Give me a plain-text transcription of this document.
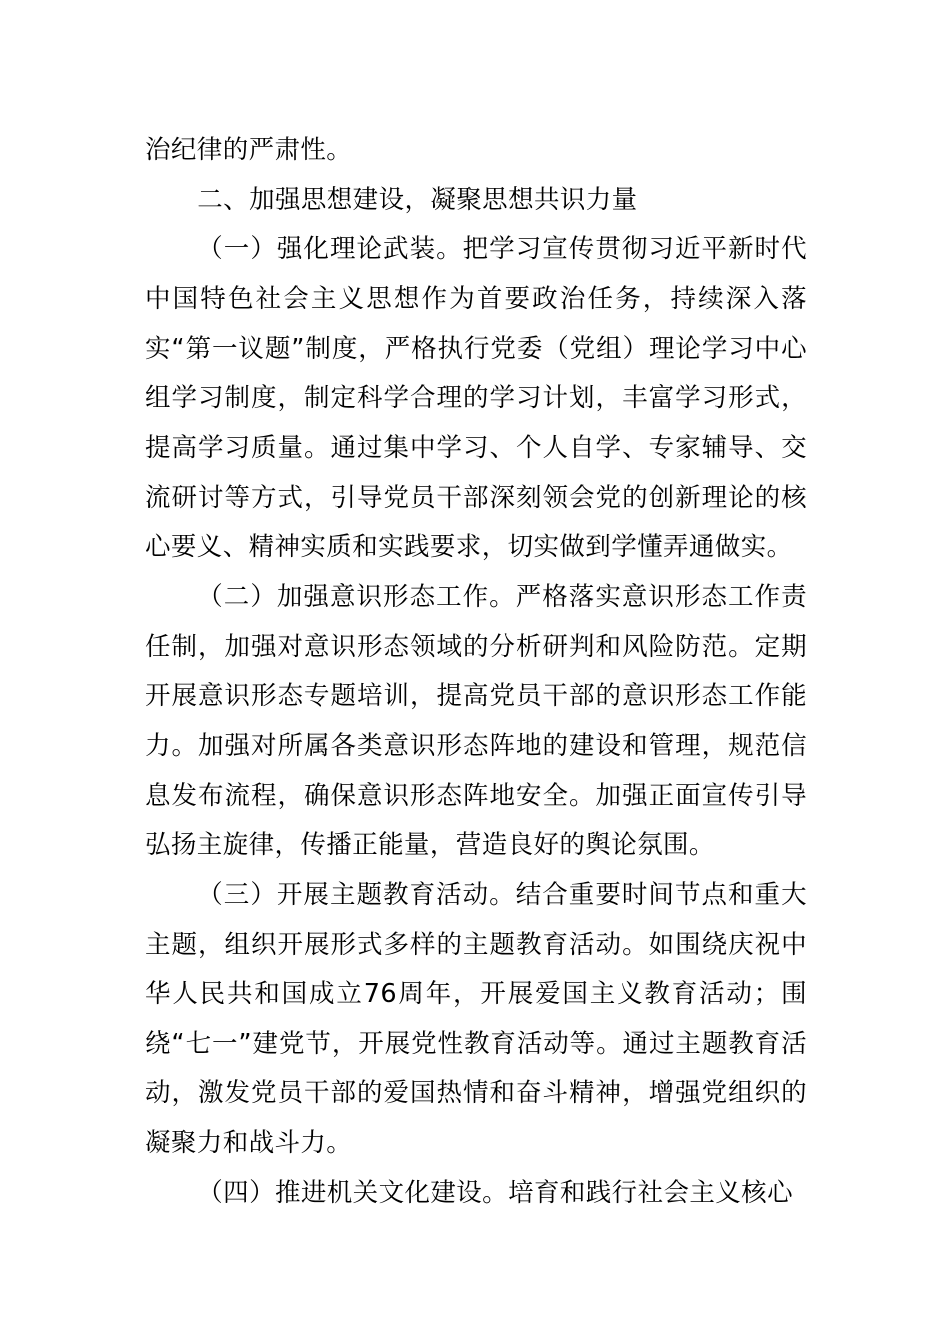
治纪律的严肃性。

二、加强思想建设，凝聚思想共识力量

（一）强化理论武装。把学习宣传贯彻习近平新时代中国特色社会主义思想作为首要政治任务，持续深入落实“第一议题”制度，严格执行党委（党组）理论学习中心组学习制度，制定科学合理的学习计划，丰富学习形式，提高学习质量。通过集中学习、个人自学、专家辅导、交流研讨等方式，引导党员干部深刻领会党的创新理论的核心要义、精神实质和实践要求，切实做到学懂弄通做实。

（二）加强意识形态工作。严格落实意识形态工作责任制，加强对意识形态领域的分析研判和风险防范。定期开展意识形态专题培训，提高党员干部的意识形态工作能力。加强对所属各类意识形态阵地的建设和管理，规范信息发布流程，确保意识形态阵地安全。加强正面宣传引导弘扬主旋律，传播正能量，营造良好的舆论氛围。

（三）开展主题教育活动。结合重要时间节点和重大主题，组织开展形式多样的主题教育活动。如围绕庆祝中华人民共和国成立76周年，开展爱国主义教育活动；围绕“七一”建党节，开展党性教育活动等。通过主题教育活动，激发党员干部的爱国热情和奋斗精神，增强党组织的凝聚力和战斗力。

（四）推进机关文化建设。培育和践行社会主义核心
